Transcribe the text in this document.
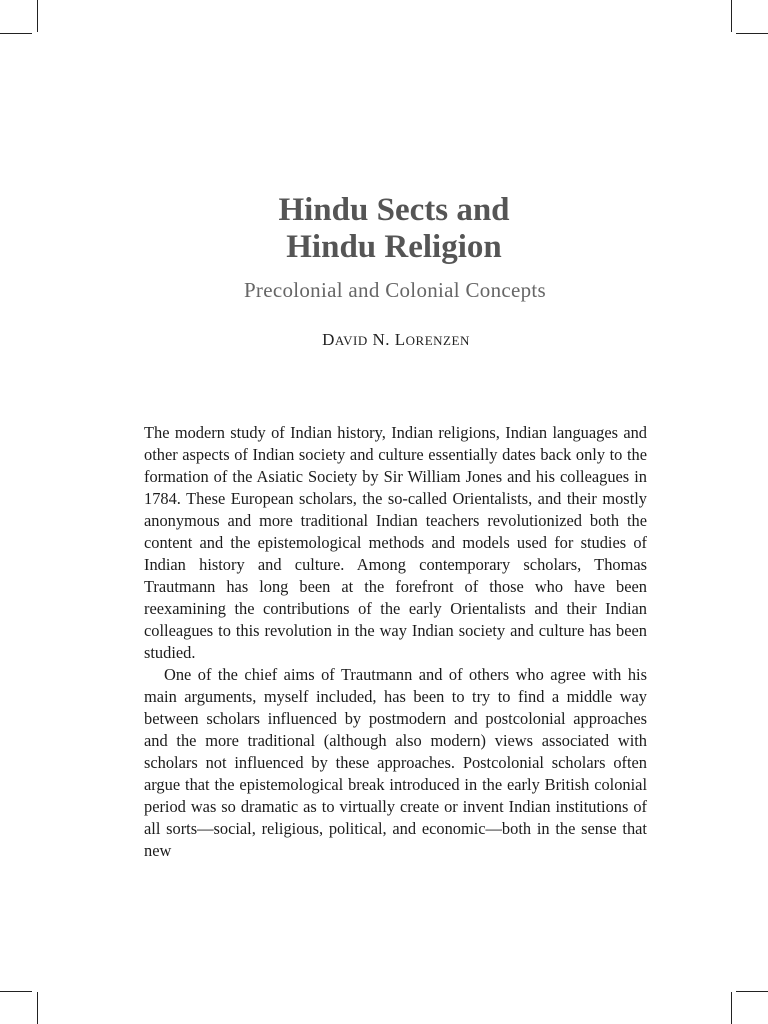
Hindu Sects and
Hindu Religion
Precolonial and Colonial Concepts
DAVID N. LORENZEN

The modern study of Indian history, Indian religions, Indian languages and other aspects of Indian society and culture essentially dates back only to the formation of the Asiatic Society by Sir William Jones and his colleagues in 1784. These European scholars, the so-called Orientalists, and their mostly anonymous and more traditional Indian teachers revolutionized both the content and the epistemological methods and models used for studies of Indian history and culture. Among contemporary scholars, Thomas Trautmann has long been at the forefront of those who have been reexamining the contributions of the early Orientalists and their Indian colleagues to this revolution in the way Indian society and culture has been studied.

One of the chief aims of Trautmann and of others who agree with his main arguments, myself included, has been to try to find a middle way between scholars influenced by postmodern and postcolonial approaches and the more traditional (although also modern) views associated with scholars not influenced by these approaches. Postcolonial scholars often argue that the epistemological break introduced in the early British colonial period was so dramatic as to virtually create or invent Indian institutions of all sorts—social, religious, political, and economic—both in the sense that new
